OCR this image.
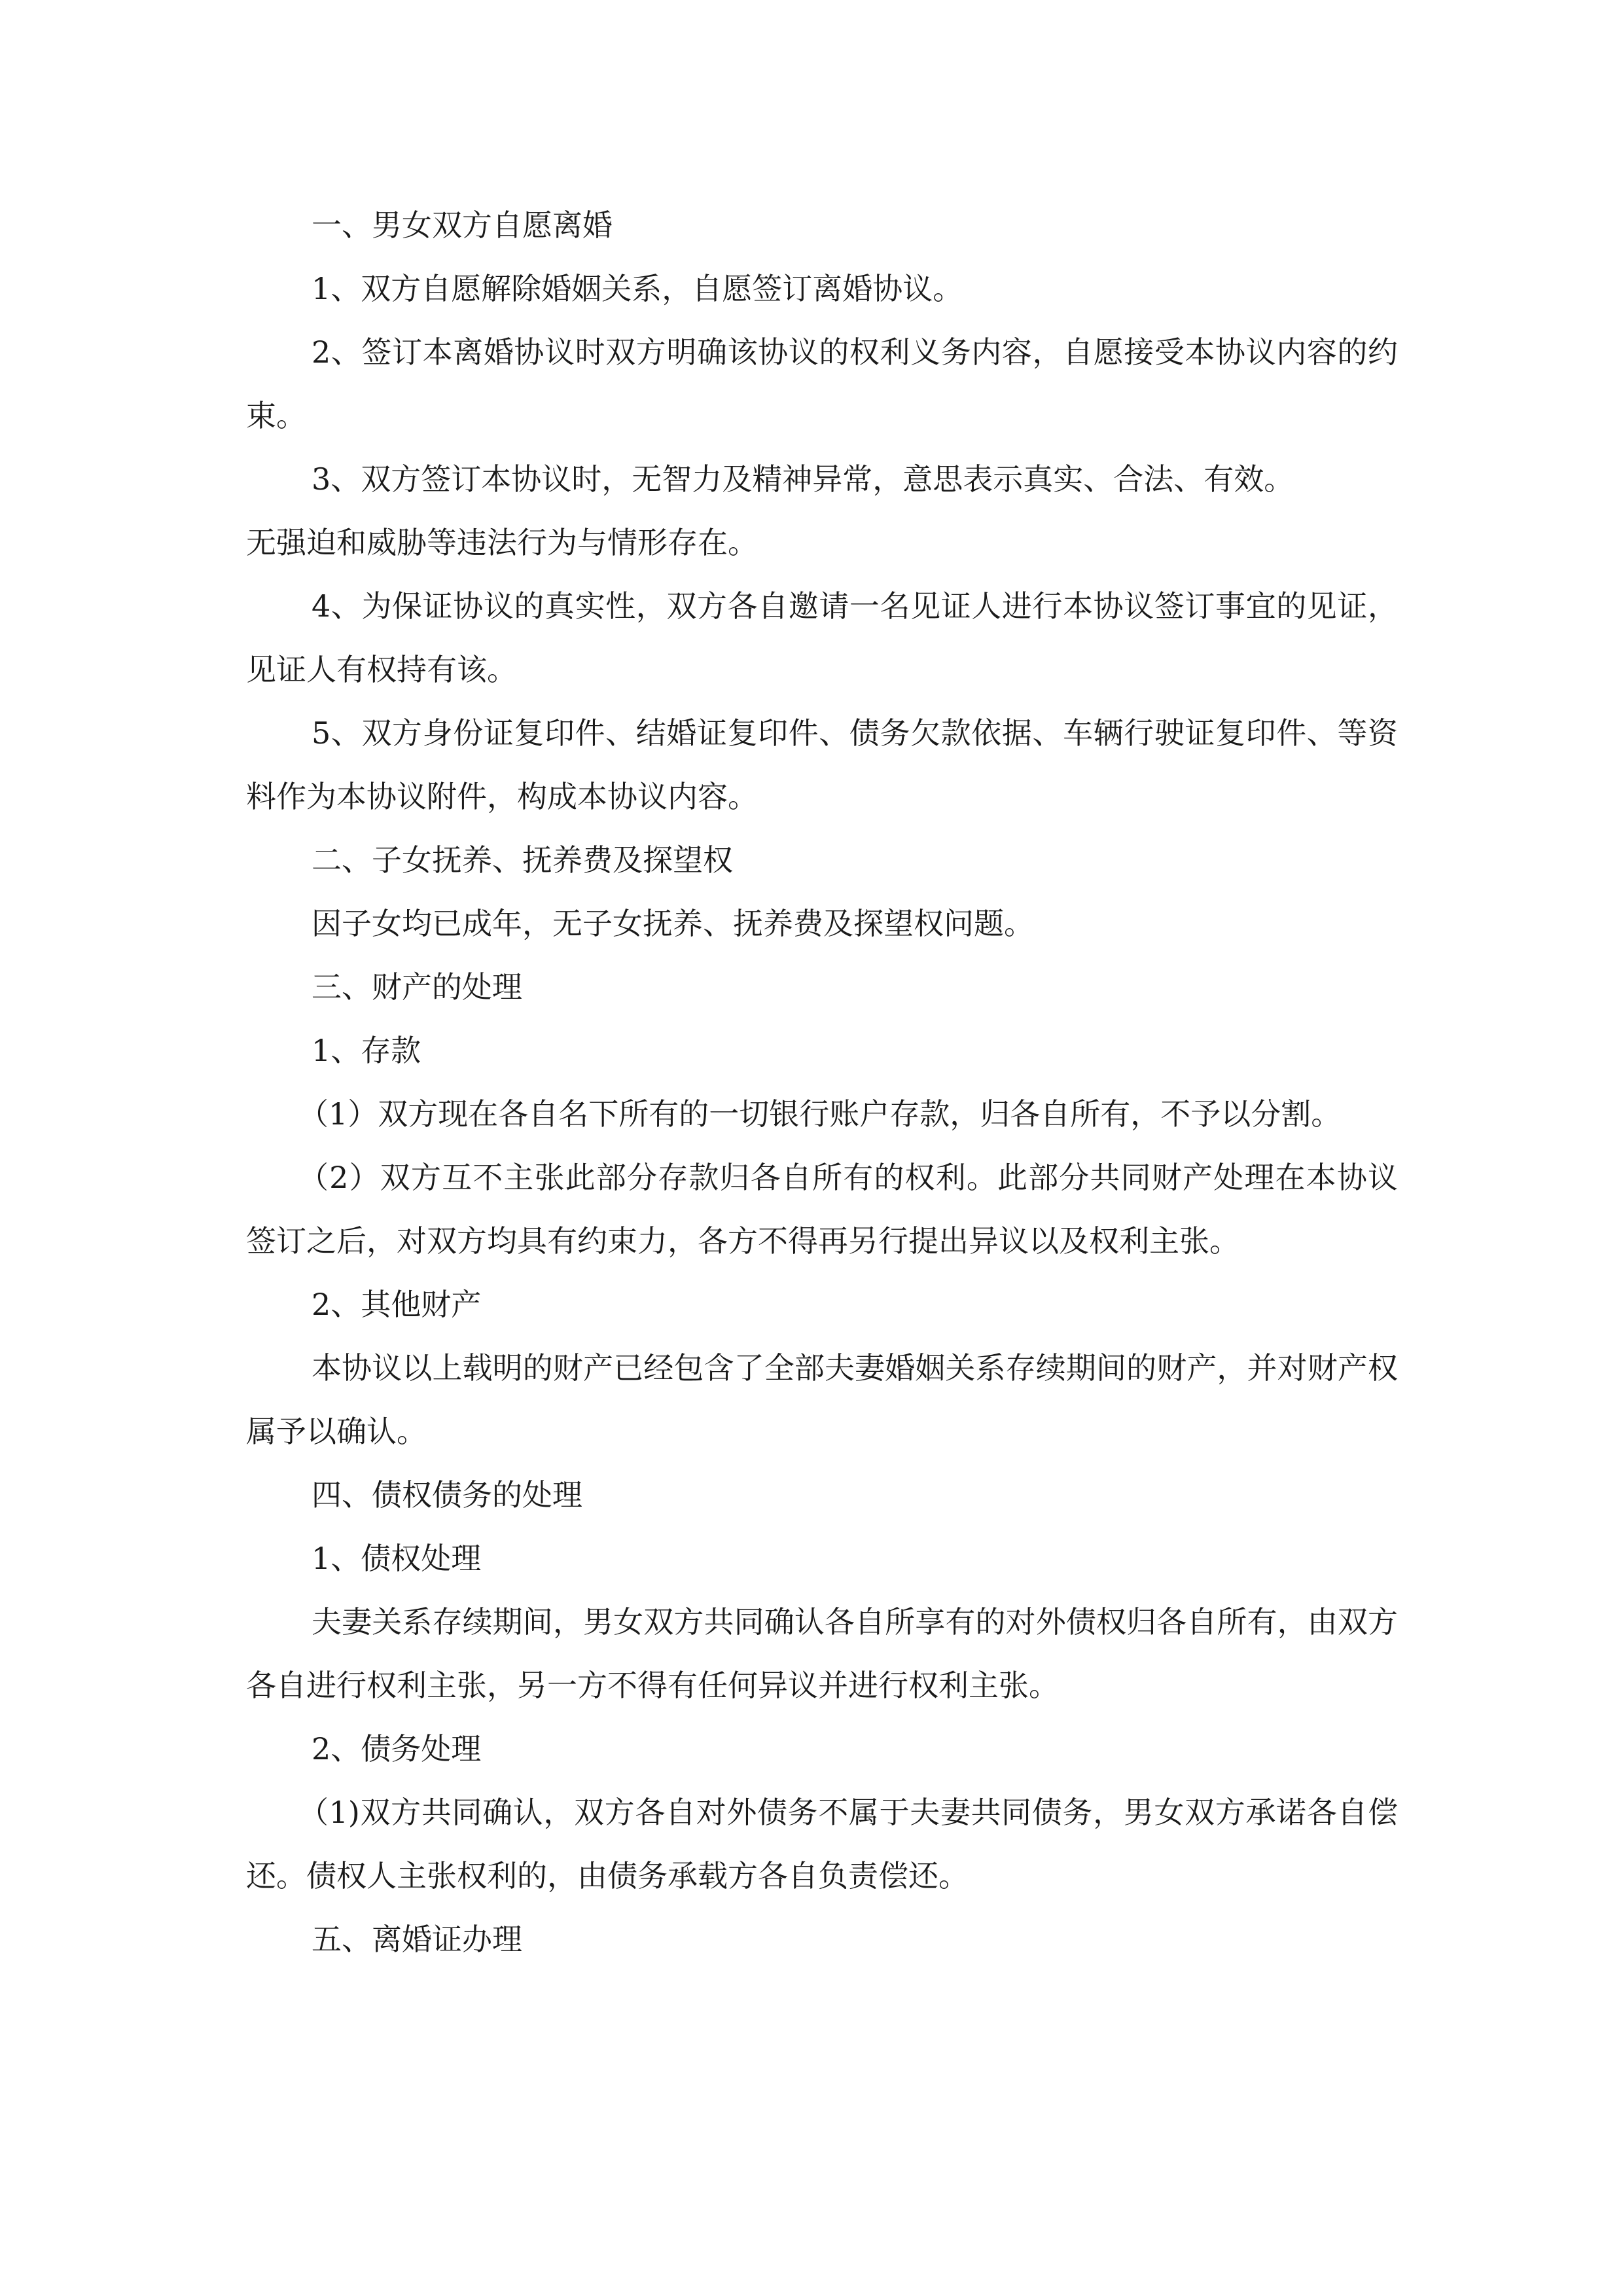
一、男女双方自愿离婚

1、双方自愿解除婚姻关系，自愿签订离婚协议。

2、签订本离婚协议时双方明确该协议的权利义务内容，自愿接受本协议内容的约束。

3、双方签订本协议时，无智力及精神异常，意思表示真实、合法、有效。

无强迫和威胁等违法行为与情形存在。

4、为保证协议的真实性，双方各自邀请一名见证人进行本协议签订事宜的见证，见证人有权持有该。

5、双方身份证复印件、结婚证复印件、债务欠款依据、车辆行驶证复印件、等资料作为本协议附件，构成本协议内容。

二、子女抚养、抚养费及探望权

因子女均已成年，无子女抚养、抚养费及探望权问题。

三、财产的处理

1、存款

（1）双方现在各自名下所有的一切银行账户存款，归各自所有，不予以分割。

（2）双方互不主张此部分存款归各自所有的权利。此部分共同财产处理在本协议签订之后，对双方均具有约束力，各方不得再另行提出异议以及权利主张。

2、其他财产

本协议以上载明的财产已经包含了全部夫妻婚姻关系存续期间的财产，并对财产权属予以确认。

四、债权债务的处理

1、债权处理

夫妻关系存续期间，男女双方共同确认各自所享有的对外债权归各自所有，由双方各自进行权利主张，另一方不得有任何异议并进行权利主张。

2、债务处理

（1)双方共同确认，双方各自对外债务不属于夫妻共同债务，男女双方承诺各自偿还。债权人主张权利的，由债务承载方各自负责偿还。

五、离婚证办理
